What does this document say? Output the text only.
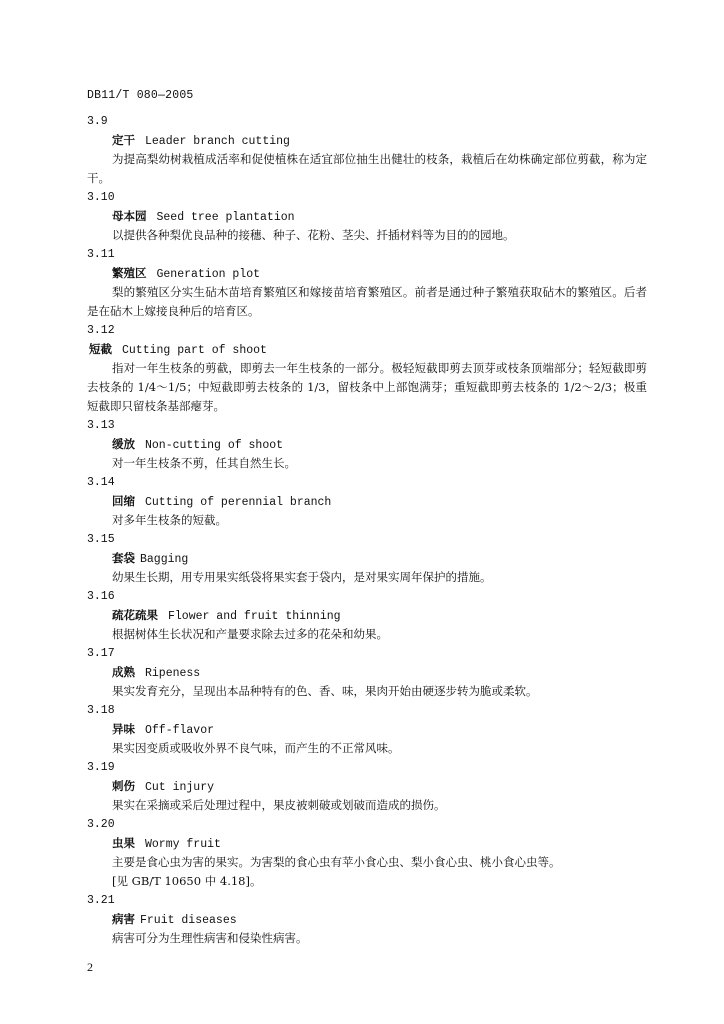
DB11/T 080—2005
3.9
定干 Leader branch cutting

为提高梨幼树栽植成活率和促使植株在适宜部位抽生出健壮的枝条，栽植后在幼株确定部位剪截，称为定干。

3.10
母本园 Seed tree plantation

以提供各种梨优良品种的接穗、种子、花粉、茎尖、扦插材料等为目的的园地。

3.11
繁殖区 Generation plot

梨的繁殖区分实生砧木苗培育繁殖区和嫁接苗培育繁殖区。前者是通过种子繁殖获取砧木的繁殖区。后者是在砧木上嫁接良种后的培育区。

3.12
短截 Cutting part of shoot

指对一年生枝条的剪截，即剪去一年生枝条的一部分。极轻短截即剪去顶芽或枝条顶端部分；轻短截即剪去枝条的 1/4～1/5；中短截即剪去枝条的 1/3，留枝条中上部饱满芽；重短截即剪去枝条的 1/2～2/3；极重短截即只留枝条基部瘪芽。

3.13
缓放 Non-cutting of shoot

对一年生枝条不剪，任其自然生长。

3.14
回缩 Cutting of perennial branch

对多年生枝条的短截。

3.15
套袋 Bagging

幼果生长期，用专用果实纸袋将果实套于袋内，是对果实周年保护的措施。

3.16
疏花疏果 Flower and fruit thinning

根据树体生长状况和产量要求除去过多的花朵和幼果。

3.17
成熟 Ripeness

果实发育充分，呈现出本品种特有的色、香、味，果肉开始由硬逐步转为脆或柔软。

3.18
异味 Off-flavor

果实因变质或吸收外界不良气味，而产生的不正常风味。

3.19
刺伤 Cut injury

果实在采摘或采后处理过程中，果皮被刺破或划破而造成的损伤。

3.20
虫果 Wormy fruit

主要是食心虫为害的果实。为害梨的食心虫有苹小食心虫、梨小食心虫、桃小食心虫等。

[见 GB/T 10650 中 4.18]。

3.21
病害 Fruit diseases

病害可分为生理性病害和侵染性病害。

2
